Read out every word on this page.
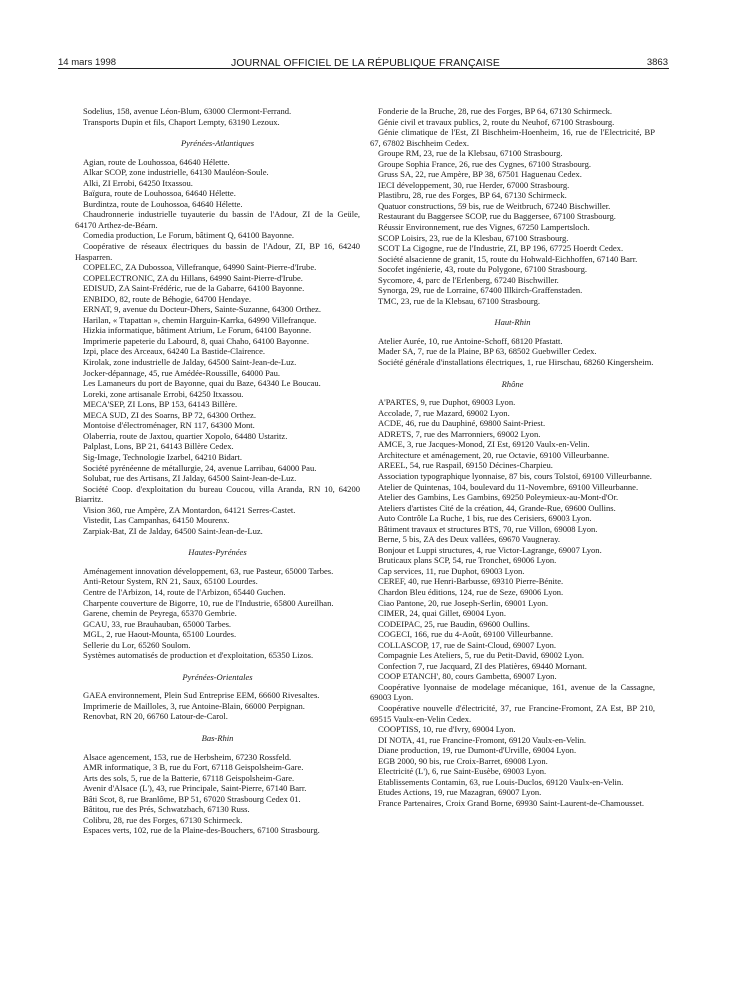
14 mars 1998	JOURNAL OFFICIEL DE LA RÉPUBLIQUE FRANÇAISE	3863

Sodelius, 158, avenue Léon-Blum, 63000 Clermont-Ferrand.

Transports Dupin et fils, Chaport Lempty, 63190 Lezoux.

Pyrénées-Atlantiques

Agian, route de Louhossoa, 64640 Hélette.

Alkar SCOP, zone industrielle, 64130 Mauléon-Soule.

Alki, ZI Errobi, 64250 Itxassou.

Baïgura, route de Louhossoa, 64640 Hélette.

Burdintza, route de Louhossoa, 64640 Hélette.

Chaudronnerie industrielle tuyauterie du bassin de l'Adour, ZI de la Geüle, 64170 Arthez-de-Béarn.

Comedia production, Le Forum, bâtiment Q, 64100 Bayonne.

Coopérative de réseaux électriques du bassin de l'Adour, ZI, BP 16, 64240 Hasparren.

COPELEC, ZA Dubossoa, Villefranque, 64990 Saint-Pierre-d'Irube.

COPELECTRONIC, ZA du Hillans, 64990 Saint-Pierre-d'Irube.

EDISUD, ZA Saint-Frédéric, rue de la Gabarre, 64100 Bayonne.

ENBIDO, 82, route de Béhogie, 64700 Hendaye.

ERNAT, 9, avenue du Docteur-Dhers, Sainte-Suzanne, 64300 Orthez.

Harilan, « Ttapattan », chemin Harguin-Karrka, 64990 Villefranque.

Hizkia informatique, bâtiment Atrium, Le Forum, 64100 Bayonne.

Imprimerie papeterie du Labourd, 8, quai Chaho, 64100 Bayonne.

Izpi, place des Arceaux, 64240 La Bastide-Clairence.

Kirolak, zone industrielle de Jalday, 64500 Saint-Jean-de-Luz.

Jocker-dépannage, 45, rue Amédée-Roussille, 64000 Pau.

Les Lamaneurs du port de Bayonne, quai du Baze, 64340 Le Boucau.

Loreki, zone artisanale Errobi, 64250 Itxassou.

MECA'SEP, ZI Lons, BP 153, 64143 Billère.

MECA SUD, ZI des Soarns, BP 72, 64300 Orthez.

Montoise d'électroménager, RN 117, 64300 Mont.

Olaberria, route de Jaxtou, quartier Xopolo, 64480 Ustaritz.

Palplast, Lons, BP 21, 64143 Billère Cedex.

Sig-Image, Technologie Izarbel, 64210 Bidart.

Société pyrénéenne de métallurgie, 24, avenue Larribau, 64000 Pau.

Solubat, rue des Artisans, ZI Jalday, 64500 Saint-Jean-de-Luz.

Société Coop. d'exploitation du bureau Coucou, villa Aranda, RN 10, 64200 Biarritz.

Vision 360, rue Ampère, ZA Montardon, 64121 Serres-Castet.

Vistedit, Las Campanhas, 64150 Mourenx.

Zarpiak-Bat, ZI de Jalday, 64500 Saint-Jean-de-Luz.

Hautes-Pyrénées

Aménagement innovation développement, 63, rue Pasteur, 65000 Tarbes.

Anti-Retour System, RN 21, Saux, 65100 Lourdes.

Centre de l'Arbizon, 14, route de l'Arbizon, 65440 Guchen.

Charpente couverture de Bigorre, 10, rue de l'Industrie, 65800 Aureilhan.

Garene, chemin de Peyrega, 65370 Gembrie.

GCAU, 33, rue Brauhauban, 65000 Tarbes.

MGL, 2, rue Haout-Mounta, 65100 Lourdes.

Sellerie du Lor, 65260 Soulom.

Systèmes automatisés de production et d'exploitation, 65350 Lizos.

Pyrénées-Orientales

GAEA environnement, Plein Sud Entreprise EEM, 66600 Rivesaltes.

Imprimerie de Mailloles, 3, rue Antoine-Blain, 66000 Perpignan.

Renovbat, RN 20, 66760 Latour-de-Carol.

Bas-Rhin

Alsace agencement, 153, rue de Herbsheim, 67230 Rossfeld.

AMR informatique, 3 B, rue du Fort, 67118 Geispolsheim-Gare.

Arts des sols, 5, rue de la Batterie, 67118 Geispolsheim-Gare.

Avenir d'Alsace (L'), 43, rue Principale, Saint-Pierre, 67140 Barr.

Bâti Scot, 8, rue Branlôme, BP 51, 67020 Strasbourg Cedex 01.

Bâtitou, rue des Prés, Schwatzbach, 67130 Russ.

Colibru, 28, rue des Forges, 67130 Schirmeck.

Espaces verts, 102, rue de la Plaine-des-Bouchers, 67100 Strasbourg.

Fonderie de la Bruche, 28, rue des Forges, BP 64, 67130 Schirmeck.

Génie civil et travaux publics, 2, route du Neuhof, 67100 Strasbourg.

Génie climatique de l'Est, ZI Bischheim-Hoenheim, 16, rue de l'Electricité, BP 67, 67802 Bischheim Cedex.

Groupe RM, 23, rue de la Klebsau, 67100 Strasbourg.

Groupe Sophia France, 26, rue des Cygnes, 67100 Strasbourg.

Gruss SA, 22, rue Ampère, BP 38, 67501 Haguenau Cedex.

IECI développement, 30, rue Herder, 67000 Strasbourg.

Plastibru, 28, rue des Forges, BP 64, 67130 Schirmeck.

Quatuor constructions, 59 bis, rue de Weitbruch, 67240 Bischwiller.

Restaurant du Baggersee SCOP, rue du Baggersee, 67100 Strasbourg.

Réussir Environnement, rue des Vignes, 67250 Lampertsloch.

SCOP Loisirs, 23, rue de la Klesbau, 67100 Strasbourg.

SCOT La Cigogne, rue de l'Industrie, ZI, BP 196, 67725 Hoerdt Cedex.

Société alsacienne de granit, 15, route du Hohwald-Eichhoffen, 67140 Barr.

Socofet ingénierie, 43, route du Polygone, 67100 Strasbourg.

Sycomore, 4, parc de l'Erlenberg, 67240 Bischwiller.

Synorga, 29, rue de Lorraine, 67400 Illkirch-Graffenstaden.

TMC, 23, rue de la Klebsau, 67100 Strasbourg.

Haut-Rhin

Atelier Aurée, 10, rue Antoine-Schoff, 68120 Pfastatt.

Mader SA, 7, rue de la Plaine, BP 63, 68502 Guebwiller Cedex.

Société générale d'installations électriques, 1, rue Hirschau, 68260 Kingersheim.

Rhône

A'PARTES, 9, rue Duphot, 69003 Lyon.

Accolade, 7, rue Mazard, 69002 Lyon.

ACDE, 46, rue du Dauphiné, 69800 Saint-Priest.

ADRETS, 7, rue des Marronniers, 69002 Lyon.

AMCE, 3, rue Jacques-Monod, ZI Est, 69120 Vaulx-en-Velin.

Architecture et aménagement, 20, rue Octavie, 69100 Villeurbanne.

AREEL, 54, rue Raspail, 69150 Décines-Charpieu.

Association typographique lyonnaise, 87 bis, cours Tolstoï, 69100 Villeurbanne.

Atelier de Quintenas, 104, boulevard du 11-Novembre, 69100 Villeurbanne.

Atelier des Gambins, Les Gambins, 69250 Poleymieux-au-Mont-d'Or.

Ateliers d'artistes Cité de la création, 44, Grande-Rue, 69600 Oullins.

Auto Contrôle La Ruche, 1 bis, rue des Cerisiers, 69003 Lyon.

Bâtiment travaux et structures BTS, 70, rue Villon, 69008 Lyon.

Berne, 5 bis, ZA des Deux vallées, 69670 Vaugneray.

Bonjour et Luppi structures, 4, rue Victor-Lagrange, 69007 Lyon.

Bruticaux plans SCP, 54, rue Tronchet, 69006 Lyon.

Cap services, 11, rue Duphot, 69003 Lyon.

CEREF, 40, rue Henri-Barbusse, 69310 Pierre-Bénite.

Chardon Bleu éditions, 124, rue de Seze, 69006 Lyon.

Ciao Pantone, 20, rue Joseph-Serlin, 69001 Lyon.

CIMER, 24, quai Gillet, 69004 Lyon.

CODEIPAC, 25, rue Baudin, 69600 Oullins.

COGECI, 166, rue du 4-Août, 69100 Villeurbanne.

COLLASCOP, 17, rue de Saint-Cloud, 69007 Lyon.

Compagnie Les Ateliers, 5, rue du Petit-David, 69002 Lyon.

Confection 7, rue Jacquard, ZI des Platières, 69440 Mornant.

COOP ETANCH', 80, cours Gambetta, 69007 Lyon.

Coopérative lyonnaise de modelage mécanique, 161, avenue de la Cassagne, 69003 Lyon.

Coopérative nouvelle d'électricité, 37, rue Francine-Fromont, ZA Est, BP 210, 69515 Vaulx-en-Velin Cedex.

COOPTISS, 10, rue d'Ivry, 69004 Lyon.

DI NOTA, 41, rue Francine-Fromont, 69120 Vaulx-en-Velin.

Diane production, 19, rue Dumont-d'Urville, 69004 Lyon.

EGB 2000, 90 bis, rue Croix-Barret, 69008 Lyon.

Electricité (L'), 6, rue Saint-Eusèbe, 69003 Lyon.

Etablissements Contamin, 63, rue Louis-Duclos, 69120 Vaulx-en-Velin.

Etudes Actions, 19, rue Mazagran, 69007 Lyon.

France Partenaires, Croix Grand Borne, 69930 Saint-Laurent-de-Chamousset.
